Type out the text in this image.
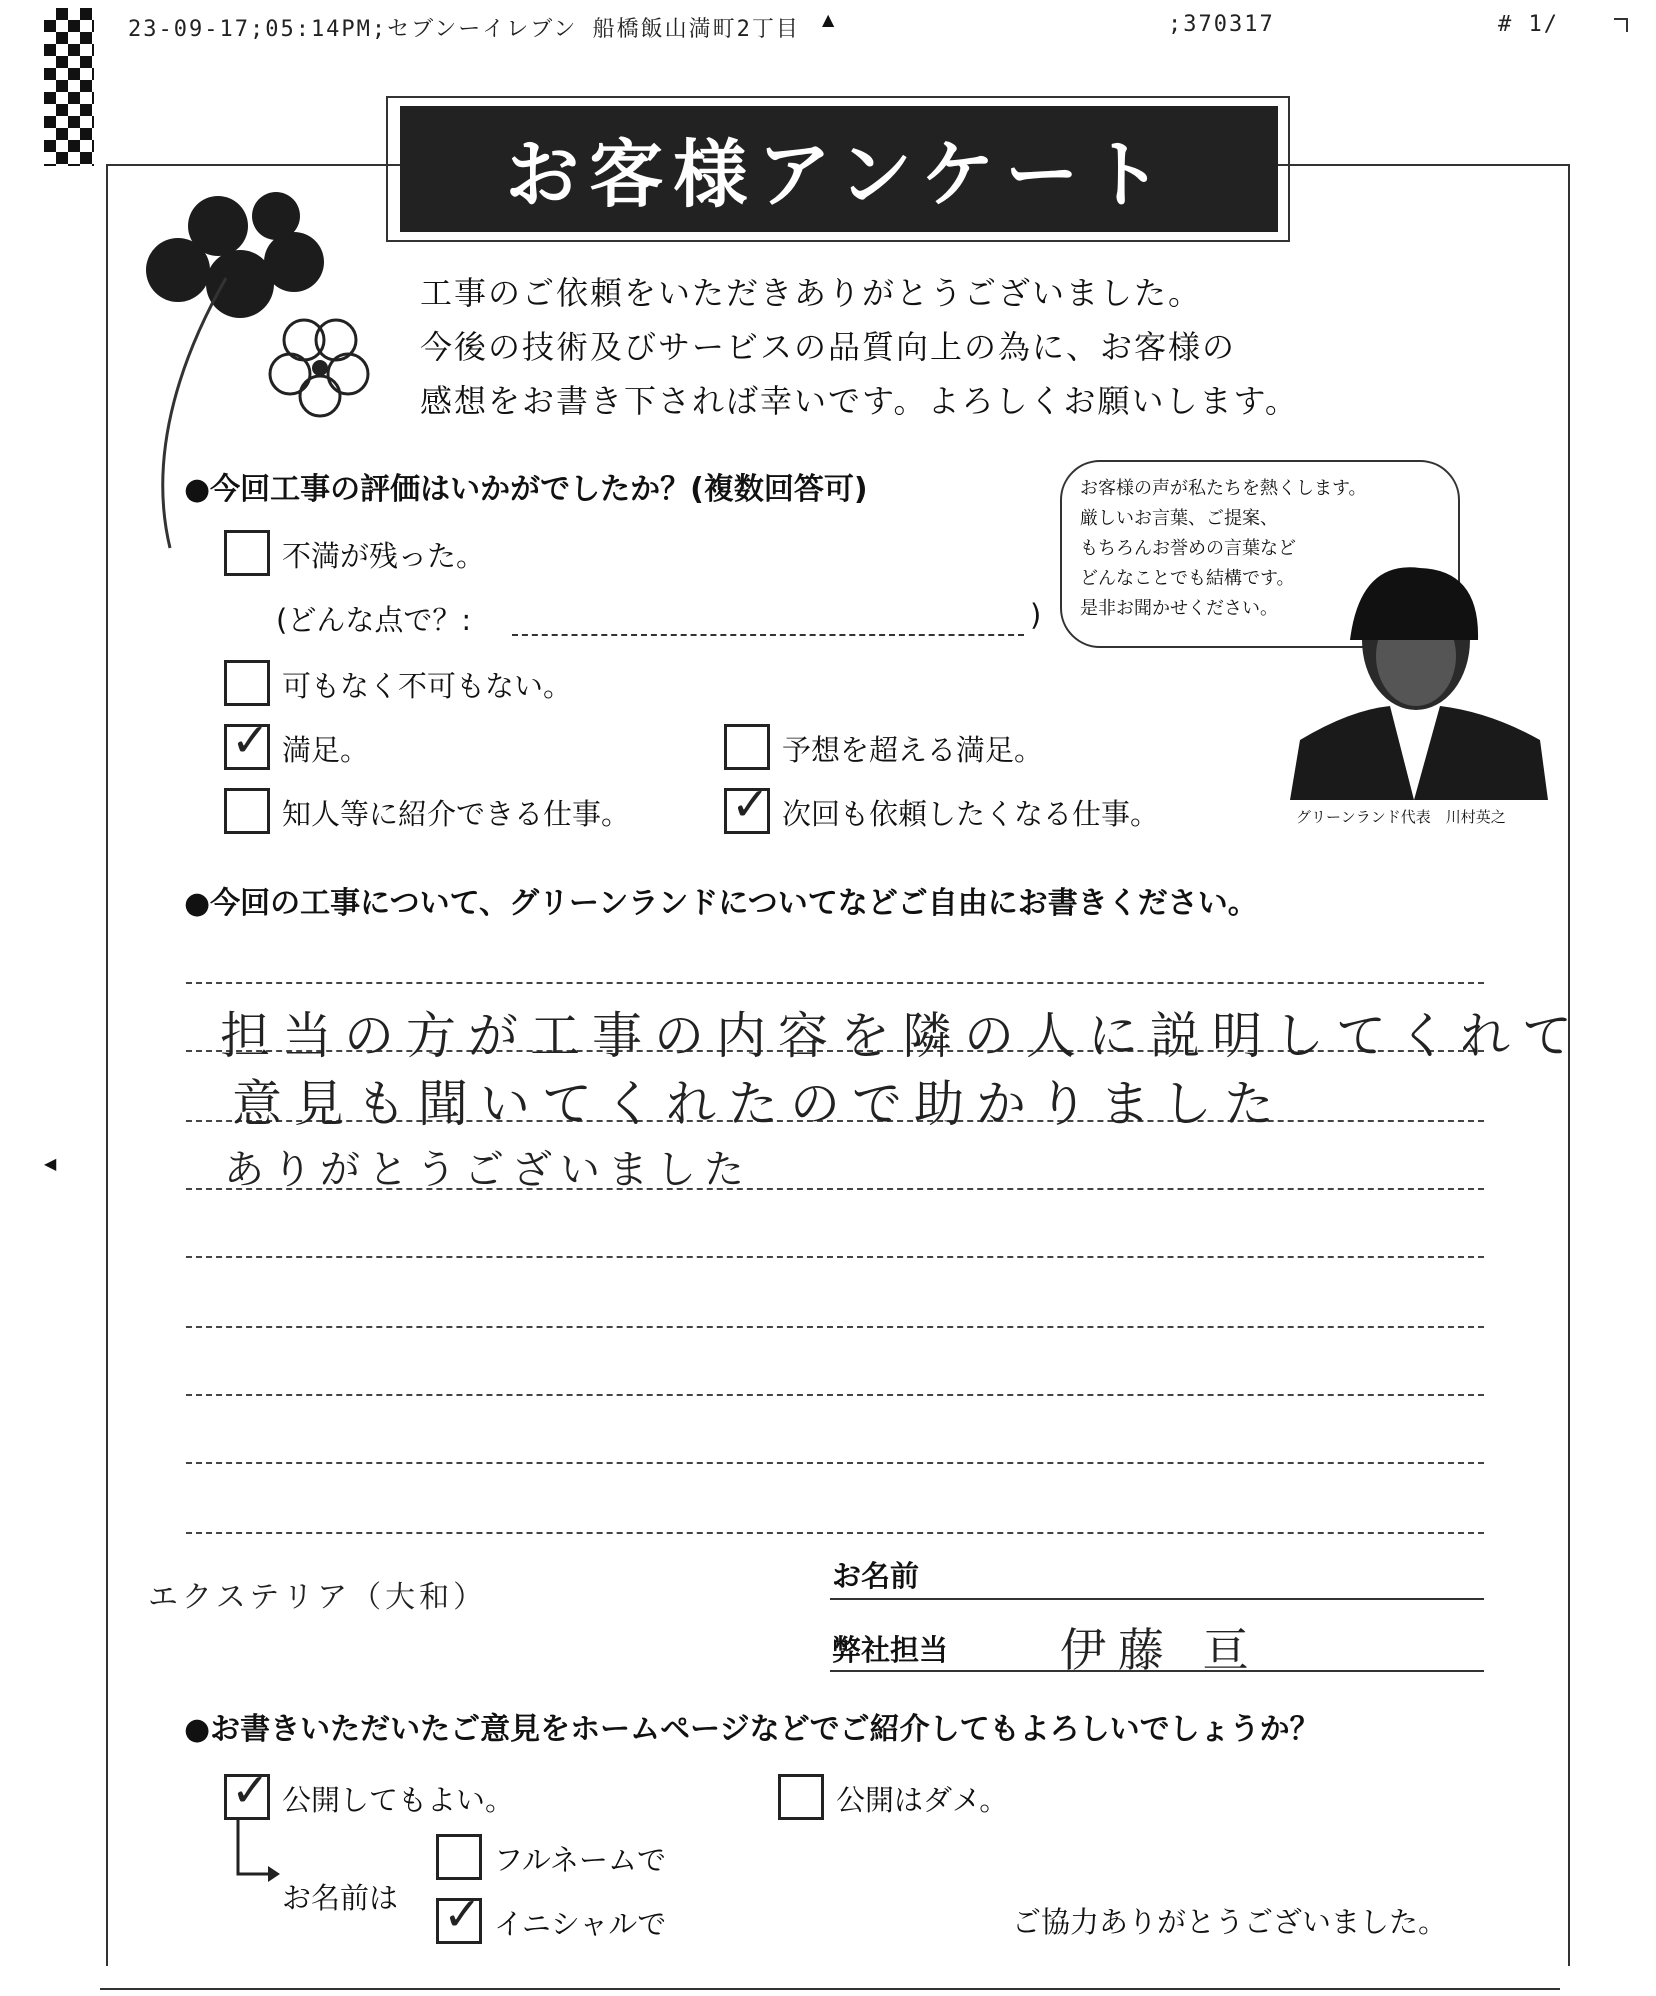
23-09-17;05:14PM;セブンーイレブン 船橋飯山満町2丁目 ▲	;370317	# 1/
◀
お客様アンケート
工事のご依頼をいただきありがとうございました。
今後の技術及びサービスの品質向上の為に、お客様の
感想をお書き下されば幸いです。よろしくお願いします。
お客様の声が私たちを熱くします。
厳しいお言葉、ご提案、
もちろんお誉めの言葉など
どんなことでも結構です。
是非お聞かせください。
グリーンランド代表　川村英之
●今回工事の評価はいかがでしたか？(複数回答可)
不満が残った。
(どんな点で？:	)
可もなく不可もない。
✓
満足。	予想を超える満足。
知人等に紹介できる仕事。
✓	次回も依頼したくなる仕事。
●今回の工事について、グリーンランドについてなどご自由にお書きください。
担当の方が工事の内容を隣の人に説明してくれて
意見も聞いてくれたので助かりました
ありがとうございました
エクステリア（大和）
お名前
弊社担当 伊藤 亘
●お書きいただいたご意見をホームページなどでご紹介してもよろしいでしょうか？
✓
公開してもよい。	公開はダメ。
お名前は
フルネームで
✓
イニシャルで	ご協力ありがとうございました。
